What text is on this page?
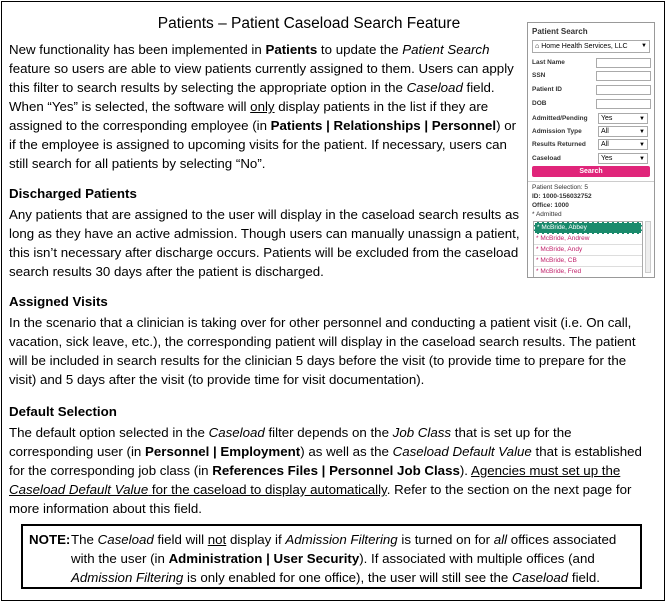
Patients – Patient Caseload Search Feature
New functionality has been implemented in Patients to update the Patient Search feature so users are able to view patients currently assigned to them. Users can apply this filter to search results by selecting the appropriate option in the Caseload field. When “Yes” is selected, the software will only display patients in the list if they are assigned to the corresponding employee (in Patients | Relationships | Personnel) or if the employee is assigned to upcoming visits for the patient. If necessary, users can still search for all patients by selecting “No”.
Discharged Patients
Any patients that are assigned to the user will display in the caseload search results as long as they have an active admission. Though users can manually unassign a patient, this isn’t necessary after discharge occurs. Patients will be excluded from the caseload search results 30 days after the patient is discharged.
Assigned Visits
In the scenario that a clinician is taking over for other personnel and conducting a patient visit (i.e. On call, vacation, sick leave, etc.), the corresponding patient will display in the caseload search results. The patient will be included in search results for the clinician 5 days before the visit (to provide time to prepare for the visit) and 5 days after the visit (to provide time for visit documentation).
Default Selection
The default option selected in the Caseload filter depends on the Job Class that is set up for the corresponding user (in Personnel | Employment) as well as the Caseload Default Value that is established for the corresponding job class (in References Files | Personnel Job Class). Agencies must set up the Caseload Default Value for the caseload to display automatically. Refer to the section on the next page for more information about this field.
NOTE: The Caseload field will not display if Admission Filtering is turned on for all offices associated with the user (in Administration | User Security). If associated with multiple offices (and Admission Filtering is only enabled for one office), the user will still see the Caseload field.
Patient Search
⌂ Home Health Services, LLC ▼
Last Name
SSN
Patient ID
DOB
Admitted/Pending	Yes	▼
Admission Type	All	▼
Results Returned	All	▼
Caseload	Yes	▼
Search
Patient Selection: 5
ID: 1000-156032752
Office: 1000
* Admitted
* McBride, Abbey
* McBride, Andrew
* McBride, Andy
* McBride, CB
* McBride, Fred
